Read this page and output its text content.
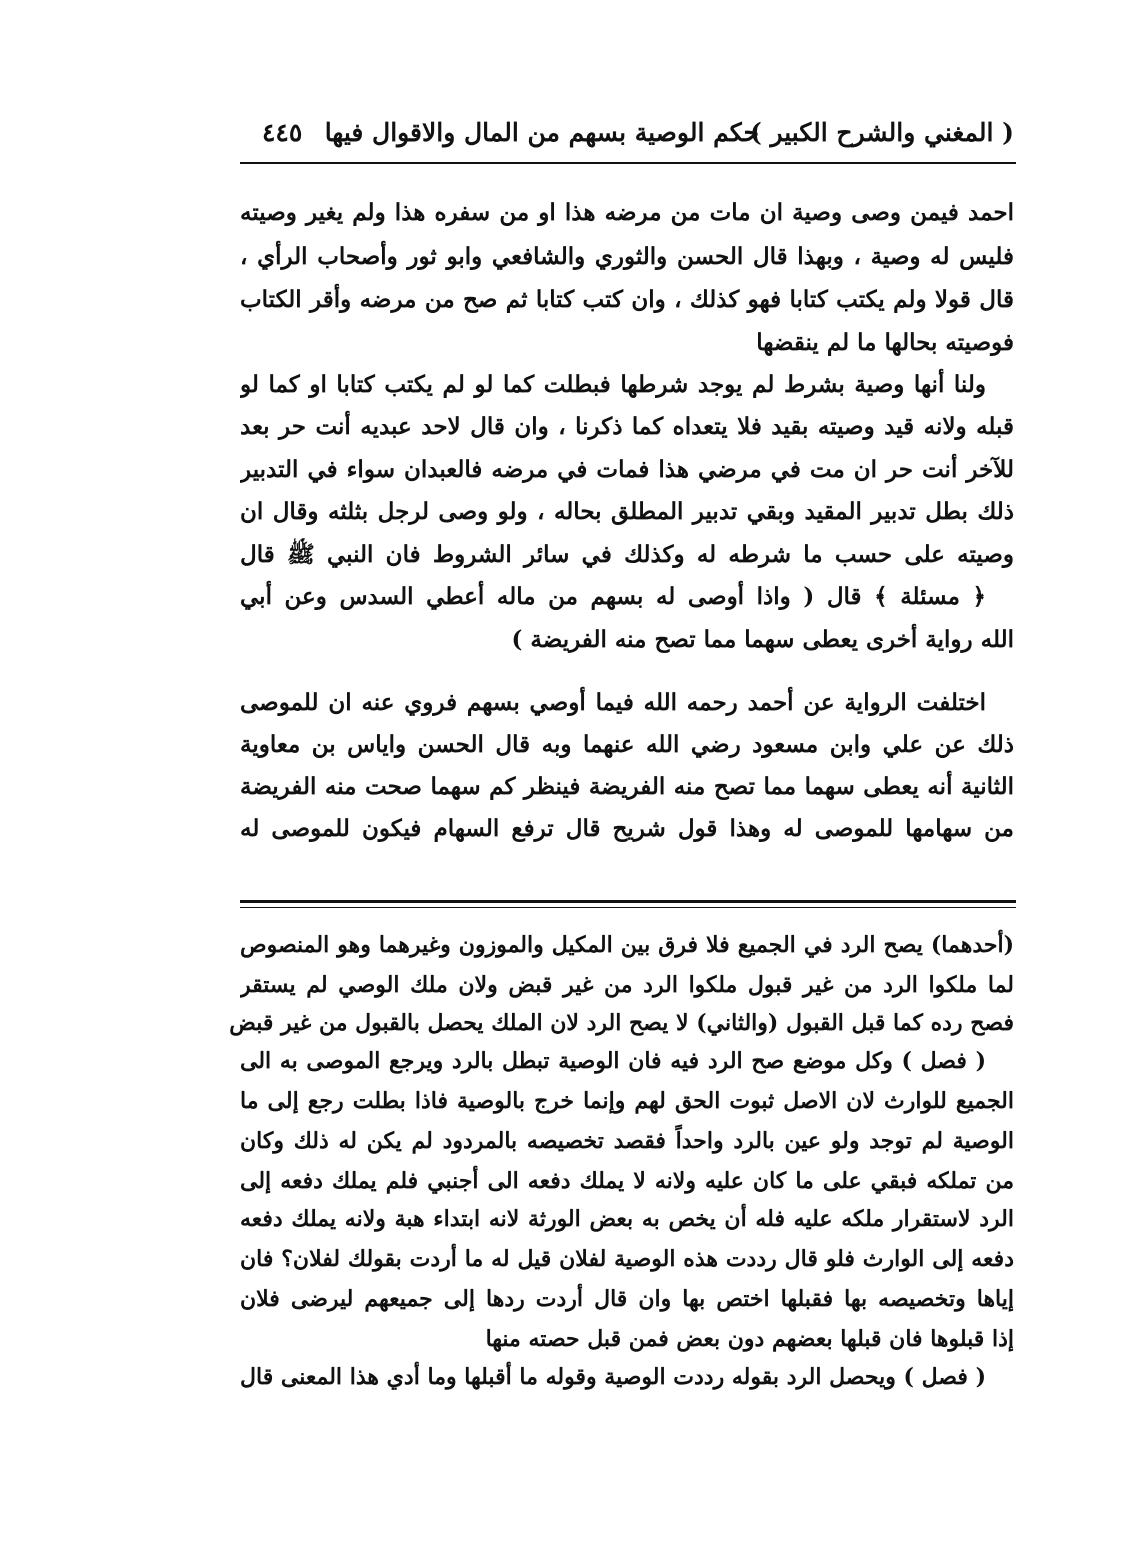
( المغني والشرح الكبير )
حكم الوصية بسهم من المال والاقوال فيها
٤٤٥
احمد فيمن وصى وصية ان مات من مرضه هذا او من سفره هذا ولم يغير وصيته
فليس له وصية ، وبهذا قال الحسن والثوري والشافعي وابو ثور وأصحاب الرأي ،
قال قولا ولم يكتب كتابا فهو كذلك ، وان كتب كتابا ثم صح من مرضه وأقر الكتاب
فوصيته بحالها ما لم ينقضها
ولنا أنها وصية بشرط لم يوجد شرطها فبطلت كما لو لم يكتب كتابا او كما لو
قبله ولانه قيد وصيته بقيد فلا يتعداه كما ذكرنا ، وان قال لاحد عبديه أنت حر بعد
للآخر أنت حر ان مت في مرضي هذا فمات في مرضه فالعبدان سواء في التدبير
ذلك بطل تدبير المقيد وبقي تدبير المطلق بحاله ، ولو وصى لرجل بثلثه وقال ان
وصيته على حسب ما شرطه له وكذلك في سائر الشروط فان النبي ﷺ قال
﴿ مسئلة ﴾ قال ( واذا أوصى له بسهم من ماله أعطي السدس وعن أبي
الله رواية أخرى يعطى سهما مما تصح منه الفريضة )
اختلفت الرواية عن أحمد رحمه الله فيما أوصي بسهم فروي عنه ان للموصى
ذلك عن علي وابن مسعود رضي الله عنهما وبه قال الحسن واياس بن معاوية
الثانية أنه يعطى سهما مما تصح منه الفريضة فينظر كم سهما صحت منه الفريضة
من سهامها للموصى له وهذا قول شريح قال ترفع السهام فيكون للموصى له
(أحدهما) يصح الرد في الجميع فلا فرق بين المكيل والموزون وغيرهما وهو المنصوص
لما ملكوا الرد من غير قبول ملكوا الرد من غير قبض ولان ملك الوصي لم يستقر
فصح رده كما قبل القبول (والثاني) لا يصح الرد لان الملك يحصل بالقبول من غير قبض
( فصل ) وكل موضع صح الرد فيه فان الوصية تبطل بالرد ويرجع الموصى به الى
الجميع للوارث لان الاصل ثبوت الحق لهم وإنما خرج بالوصية فاذا بطلت رجع إلى ما
الوصية لم توجد ولو عين بالرد واحداً فقصد تخصيصه بالمردود لم يكن له ذلك وكان
من تملكه فبقي على ما كان عليه ولانه لا يملك دفعه الى أجنبي فلم يملك دفعه إلى
الرد لاستقرار ملكه عليه فله أن يخص به بعض الورثة لانه ابتداء هبة ولانه يملك دفعه
دفعه إلى الوارث فلو قال رددت هذه الوصية لفلان قيل له ما أردت بقولك لفلان؟ فان
إياها وتخصيصه بها فقبلها اختص بها وان قال أردت ردها إلى جميعهم ليرضى فلان
إذا قبلوها فان قبلها بعضهم دون بعض فمن قبل حصته منها
( فصل ) ويحصل الرد بقوله رددت الوصية وقوله ما أقبلها وما أدي هذا المعنى قال
